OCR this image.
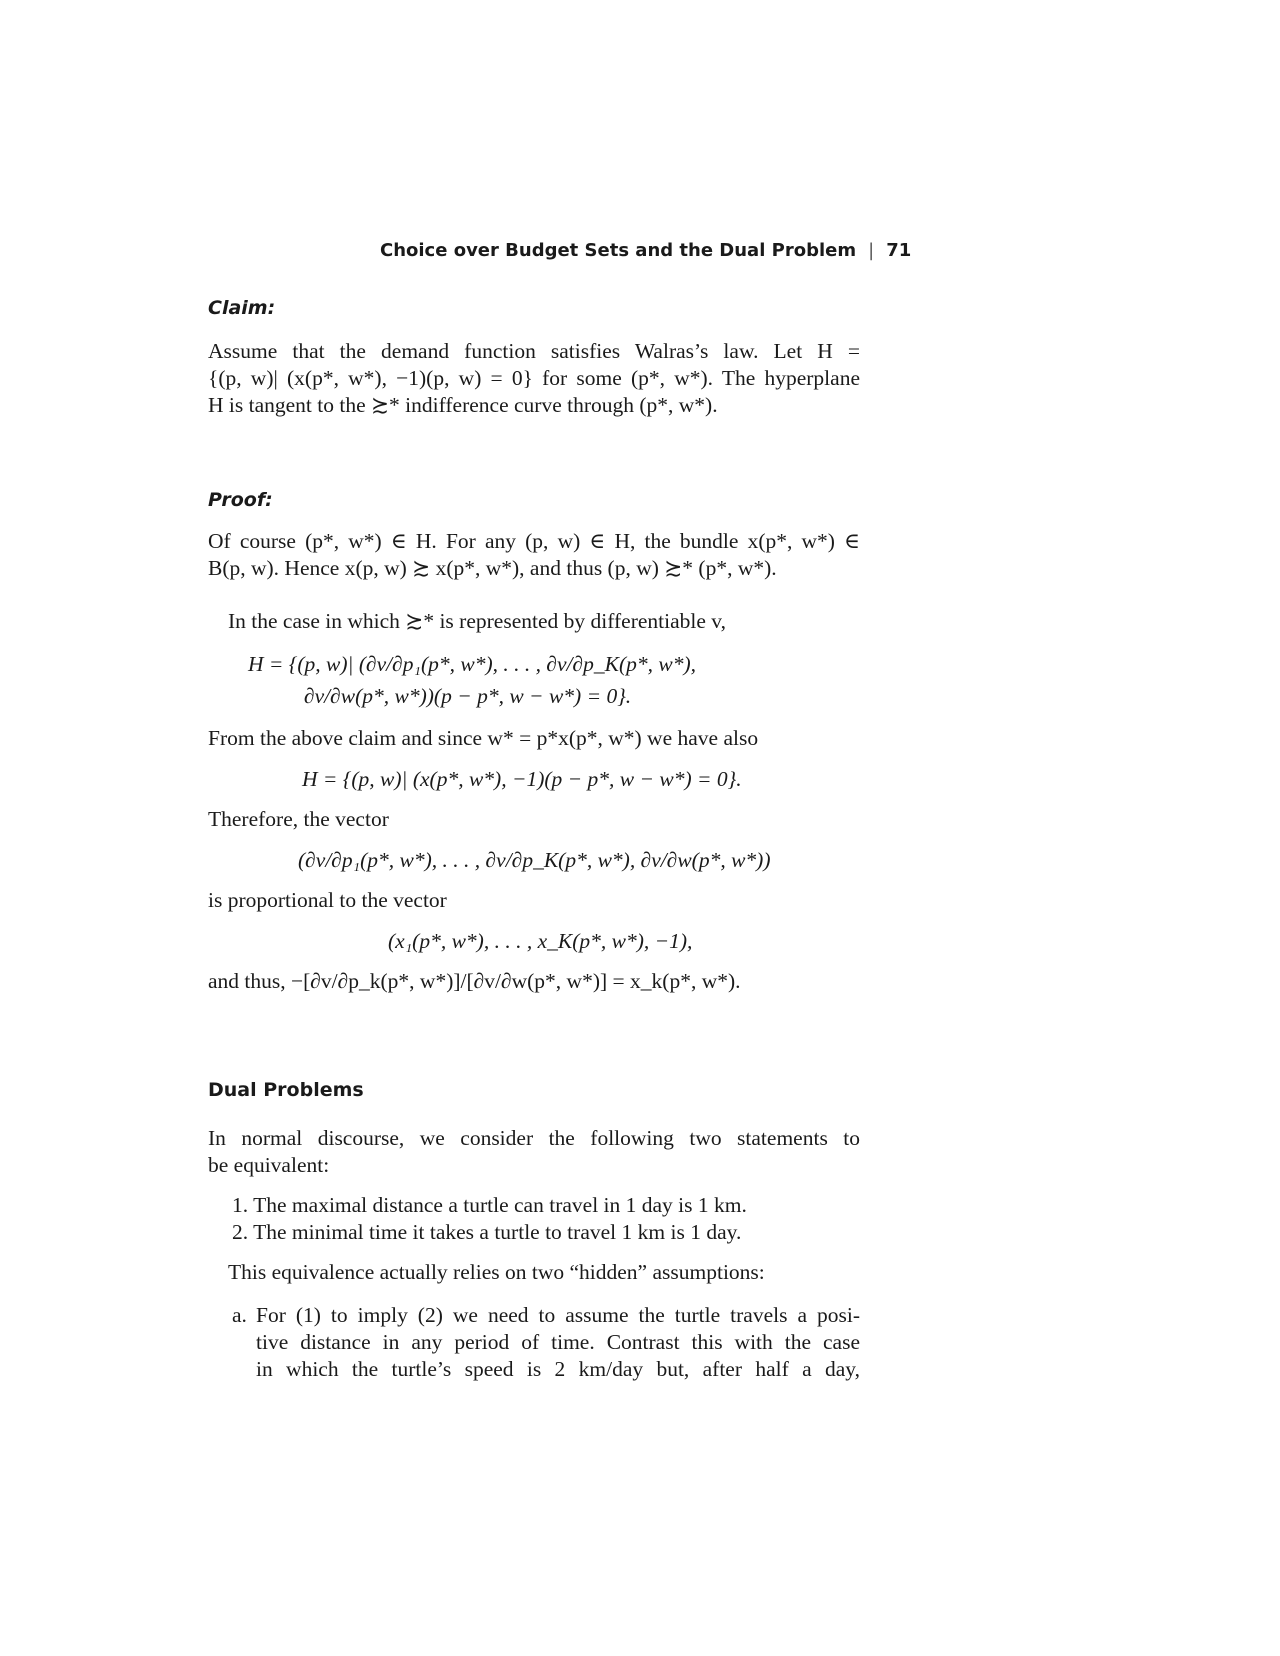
Choice over Budget Sets and the Dual Problem | 71
Claim:
Assume that the demand function satisfies Walras’s law. Let H =
{(p, w)| (x(p*, w*), −1)(p, w) = 0} for some (p*, w*). The hyperplane
H is tangent to the ≿* indifference curve through (p*, w*).
Proof:
Of course (p*, w*) ∈ H. For any (p, w) ∈ H, the bundle x(p*, w*) ∈
B(p, w). Hence x(p, w) ≿ x(p*, w*), and thus (p, w) ≿* (p*, w*).
In the case in which ≿* is represented by differentiable v,
H = {(p, w)| (∂v/∂p₁(p*, w*), . . . , ∂v/∂p_K(p*, w*),
∂v/∂w(p*, w*))(p − p*, w − w*) = 0}.
From the above claim and since w* = p*x(p*, w*) we have also
H = {(p, w)| (x(p*, w*), −1)(p − p*, w − w*) = 0}.
Therefore, the vector
(∂v/∂p₁(p*, w*), . . . , ∂v/∂p_K(p*, w*), ∂v/∂w(p*, w*))
is proportional to the vector
(x₁(p*, w*), . . . , x_K(p*, w*), −1),
and thus, −[∂v/∂p_k(p*, w*)]/[∂v/∂w(p*, w*)] = x_k(p*, w*).
Dual Problems
In normal discourse, we consider the following two statements to
be equivalent:
1. The maximal distance a turtle can travel in 1 day is 1 km.
2. The minimal time it takes a turtle to travel 1 km is 1 day.
This equivalence actually relies on two “hidden” assumptions:
a. For (1) to imply (2) we need to assume the turtle travels a posi-
tive distance in any period of time. Contrast this with the case
in which the turtle’s speed is 2 km/day but, after half a day,
